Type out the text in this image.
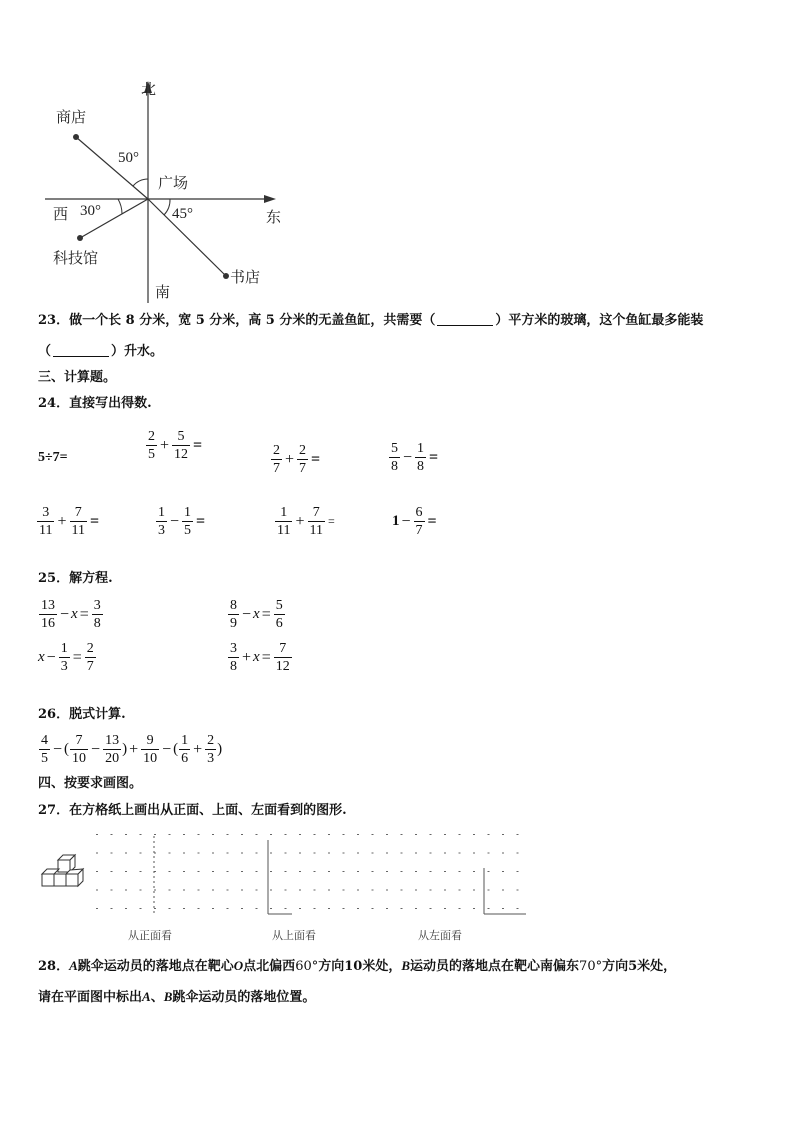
北
商店
50°
广场
西 30°	45°	东
科技馆
书店
南
23．做一个长 8 分米，宽 5 分米，高 5 分米的无盖鱼缸，共需要（	）平方米的玻璃，这个鱼缸最多能装
（	）升水。
三、计算题。
24．直接写出得数.
5÷7=	$\frac{2}{5} + \frac{5}{12}$ =	$\frac{2}{7} + \frac{2}{7}$ =	$\frac{5}{8} - \frac{1}{8}$ =
$\frac{3}{11} + \frac{7}{11}$ =	$\frac{1}{3} - \frac{1}{5}$ =	$\frac{1}{11} + \frac{7}{11}$ =	$1 - \frac{6}{7}$ =
25．解方程.
$\frac{13}{16} - x = \frac{3}{8}$	$\frac{8}{9} - x = \frac{5}{6}$
$x - \frac{1}{3} = \frac{2}{7}$	$\frac{3}{8} + x = \frac{7}{12}$
26．脱式计算.
$\frac{4}{5}$ − ( $\frac{7}{10} - \frac{13}{20}$ ) + $\frac{9}{10}$ − ( $\frac{1}{6} + \frac{2}{3}$ )
四、按要求画图。
27．在方格纸上画出从正面、上面、左面看到的图形.
从正面看	从上面看	从左面看
28．A跳伞运动员的落地点在靶心O点北偏西60°方向10米处，B运动员的落地点在靶心南偏东70°方向5米处，
请在平面图中标出A、B跳伞运动员的落地位置。
